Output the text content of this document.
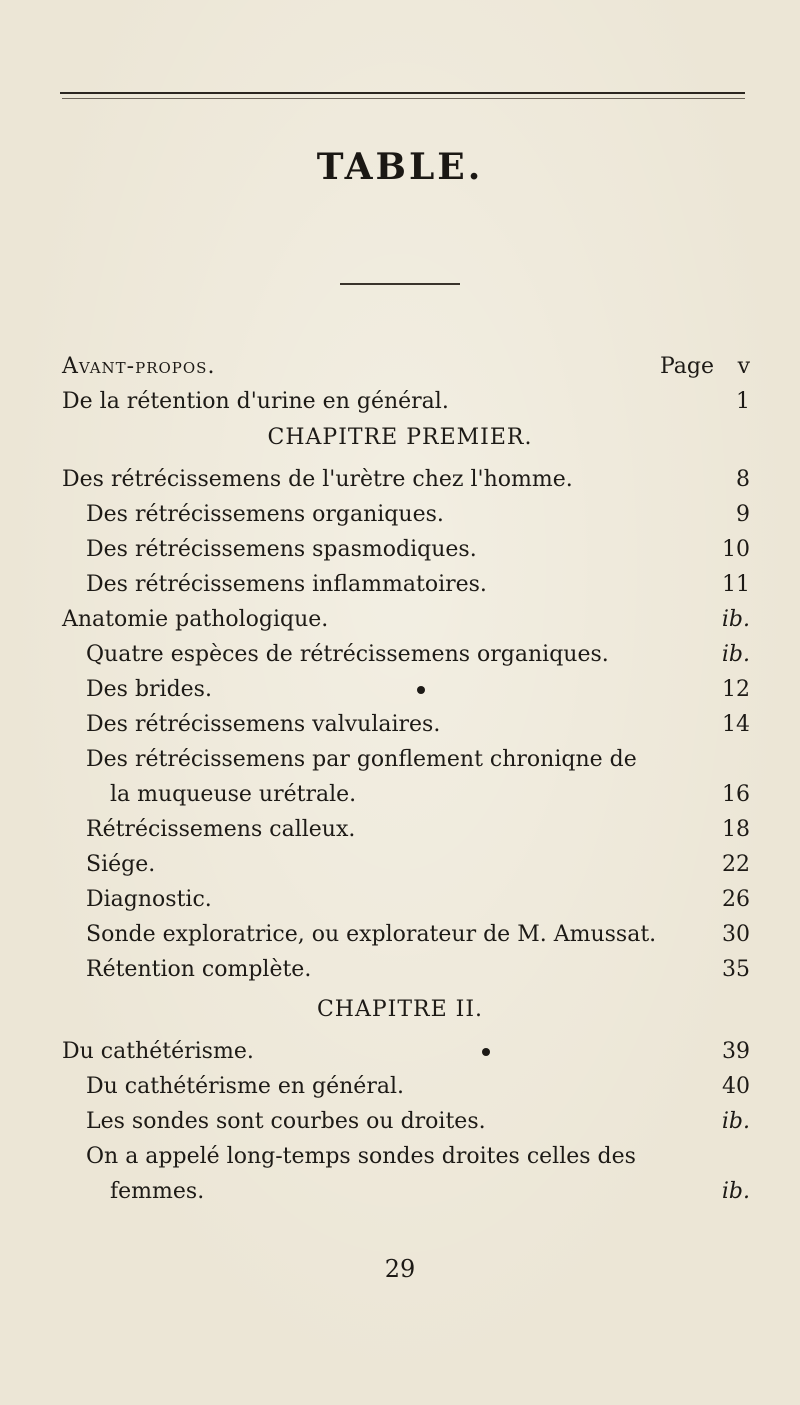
TABLE.
Avant-propos.	Page	v
De la rétention d'urine en général.	1
CHAPITRE PREMIER.
Des rétrécissemens de l'urètre chez l'homme.	8
Des rétrécissemens organiques.	9
Des rétrécissemens spasmodiques.	10
Des rétrécissemens inflammatoires.	11
Anatomie pathologique.	ib.
Quatre espèces de rétrécissemens organiques.	ib.
Des brides.	12
Des rétrécissemens valvulaires.	14
Des rétrécissemens par gonflement chroniqne de
la muqueuse urétrale.	16
Rétrécissemens calleux.	18
Siége.	22
Diagnostic.	26
Sonde exploratrice, ou explorateur de M. Amussat.	30
Rétention complète.	35
CHAPITRE II.
Du cathétérisme.	39
Du cathétérisme en général.	40
Les sondes sont courbes ou droites.	ib.
On a appelé long-temps sondes droites celles des
femmes.	ib.
29
